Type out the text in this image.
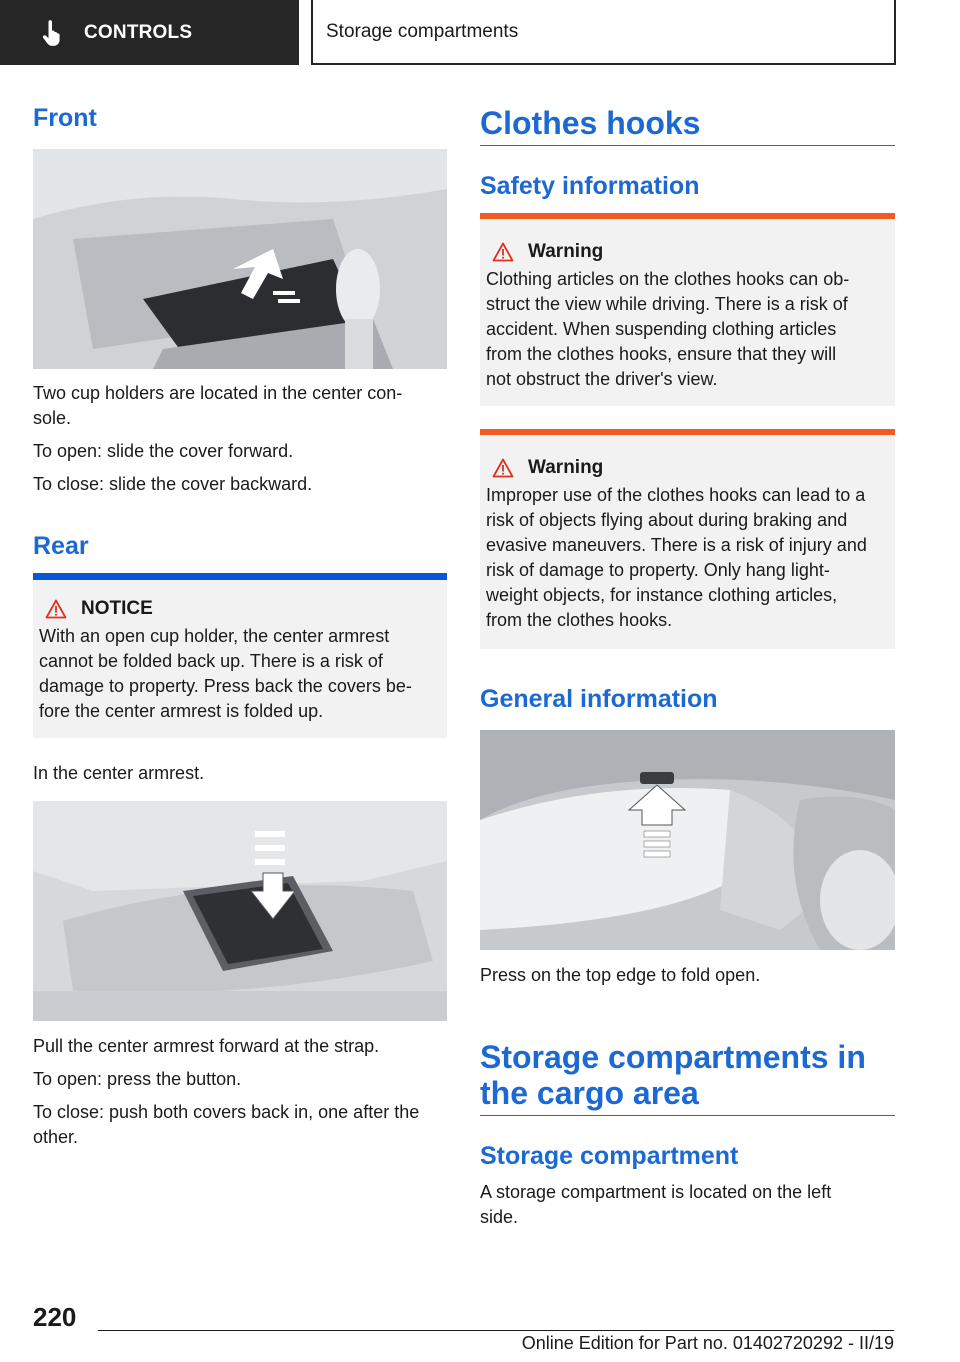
CONTROLS	Storage compartments
Front

Two cup holders are located in the center con-

sole.

To open: slide the cover forward.

To close: slide the cover backward.

Rear
NOTICE

With an open cup holder, the center armrest

cannot be folded back up. There is a risk of

damage to property. Press back the covers be-

fore the center armrest is folded up.

In the center armrest.

Pull the center armrest forward at the strap.

To open: press the button.

To close: push both covers back in, one after the

other.

Clothes hooks
Safety information
Warning

Clothing articles on the clothes hooks can ob-

struct the view while driving. There is a risk of

accident. When suspending clothing articles

from the clothes hooks, ensure that they will

not obstruct the driver's view.

Warning

Improper use of the clothes hooks can lead to a

risk of objects flying about during braking and

evasive maneuvers. There is a risk of injury and

risk of damage to property. Only hang light-

weight objects, for instance clothing articles,

from the clothes hooks.

General information

Press on the top edge to fold open.

Storage compartments in
the cargo area
Storage compartment

A storage compartment is located on the left

side.

220
Online Edition for Part no. 01402720292 - II/19
